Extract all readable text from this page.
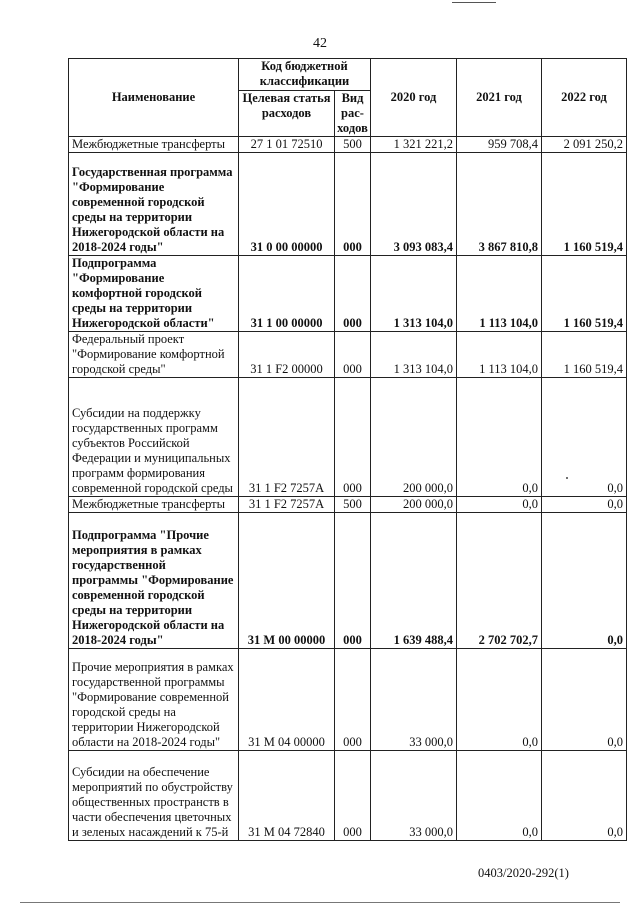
42
Наименование	Код бюджетной классификации		2020 год	2021 год	2022 год
	Целевая статья расходов	Вид рас-ходов			
Межбюджетные трансферты	27 1 01 72510	500	1 321 221,2	959 708,4	2 091 250,2
Государственная программа "Формирование современной городской среды на территории Нижегородской области на 2018-2024 годы"	31 0 00 00000	000	3 093 083,4	3 867 810,8	1 160 519,4
Подпрограмма "Формирование комфортной городской среды на территории Нижегородской области"	31 1 00 00000	000	1 313 104,0	1 113 104,0	1 160 519,4
Федеральный проект "Формирование комфортной городской среды"	31 1 F2 00000	000	1 313 104,0	1 113 104,0	1 160 519,4
Субсидии на поддержку государственных программ субъектов Российской Федерации и муниципальных программ формирования современной городской среды	31 1 F2 7257A	000	200 000,0	0,0	0,0
Межбюджетные трансферты	31 1 F2 7257A	500	200 000,0	0,0	0,0
Подпрограмма "Прочие мероприятия в рамках государственной программы "Формирование современной городской среды на территории Нижегородской области на 2018-2024 годы"	31 М 00 00000	000	1 639 488,4	2 702 702,7	0,0
Прочие мероприятия в рамках государственной программы "Формирование современной городской среды на территории Нижегородской области на 2018-2024 годы"	31 М 04 00000	000	33 000,0	0,0	0,0
Субсидии на обеспечение мероприятий по обустройству общественных пространств в части обеспечения цветочных и зеленых насаждений к 75-й	31 М 04 72840	000	33 000,0	0,0	0,0
0403/2020-292(1)
